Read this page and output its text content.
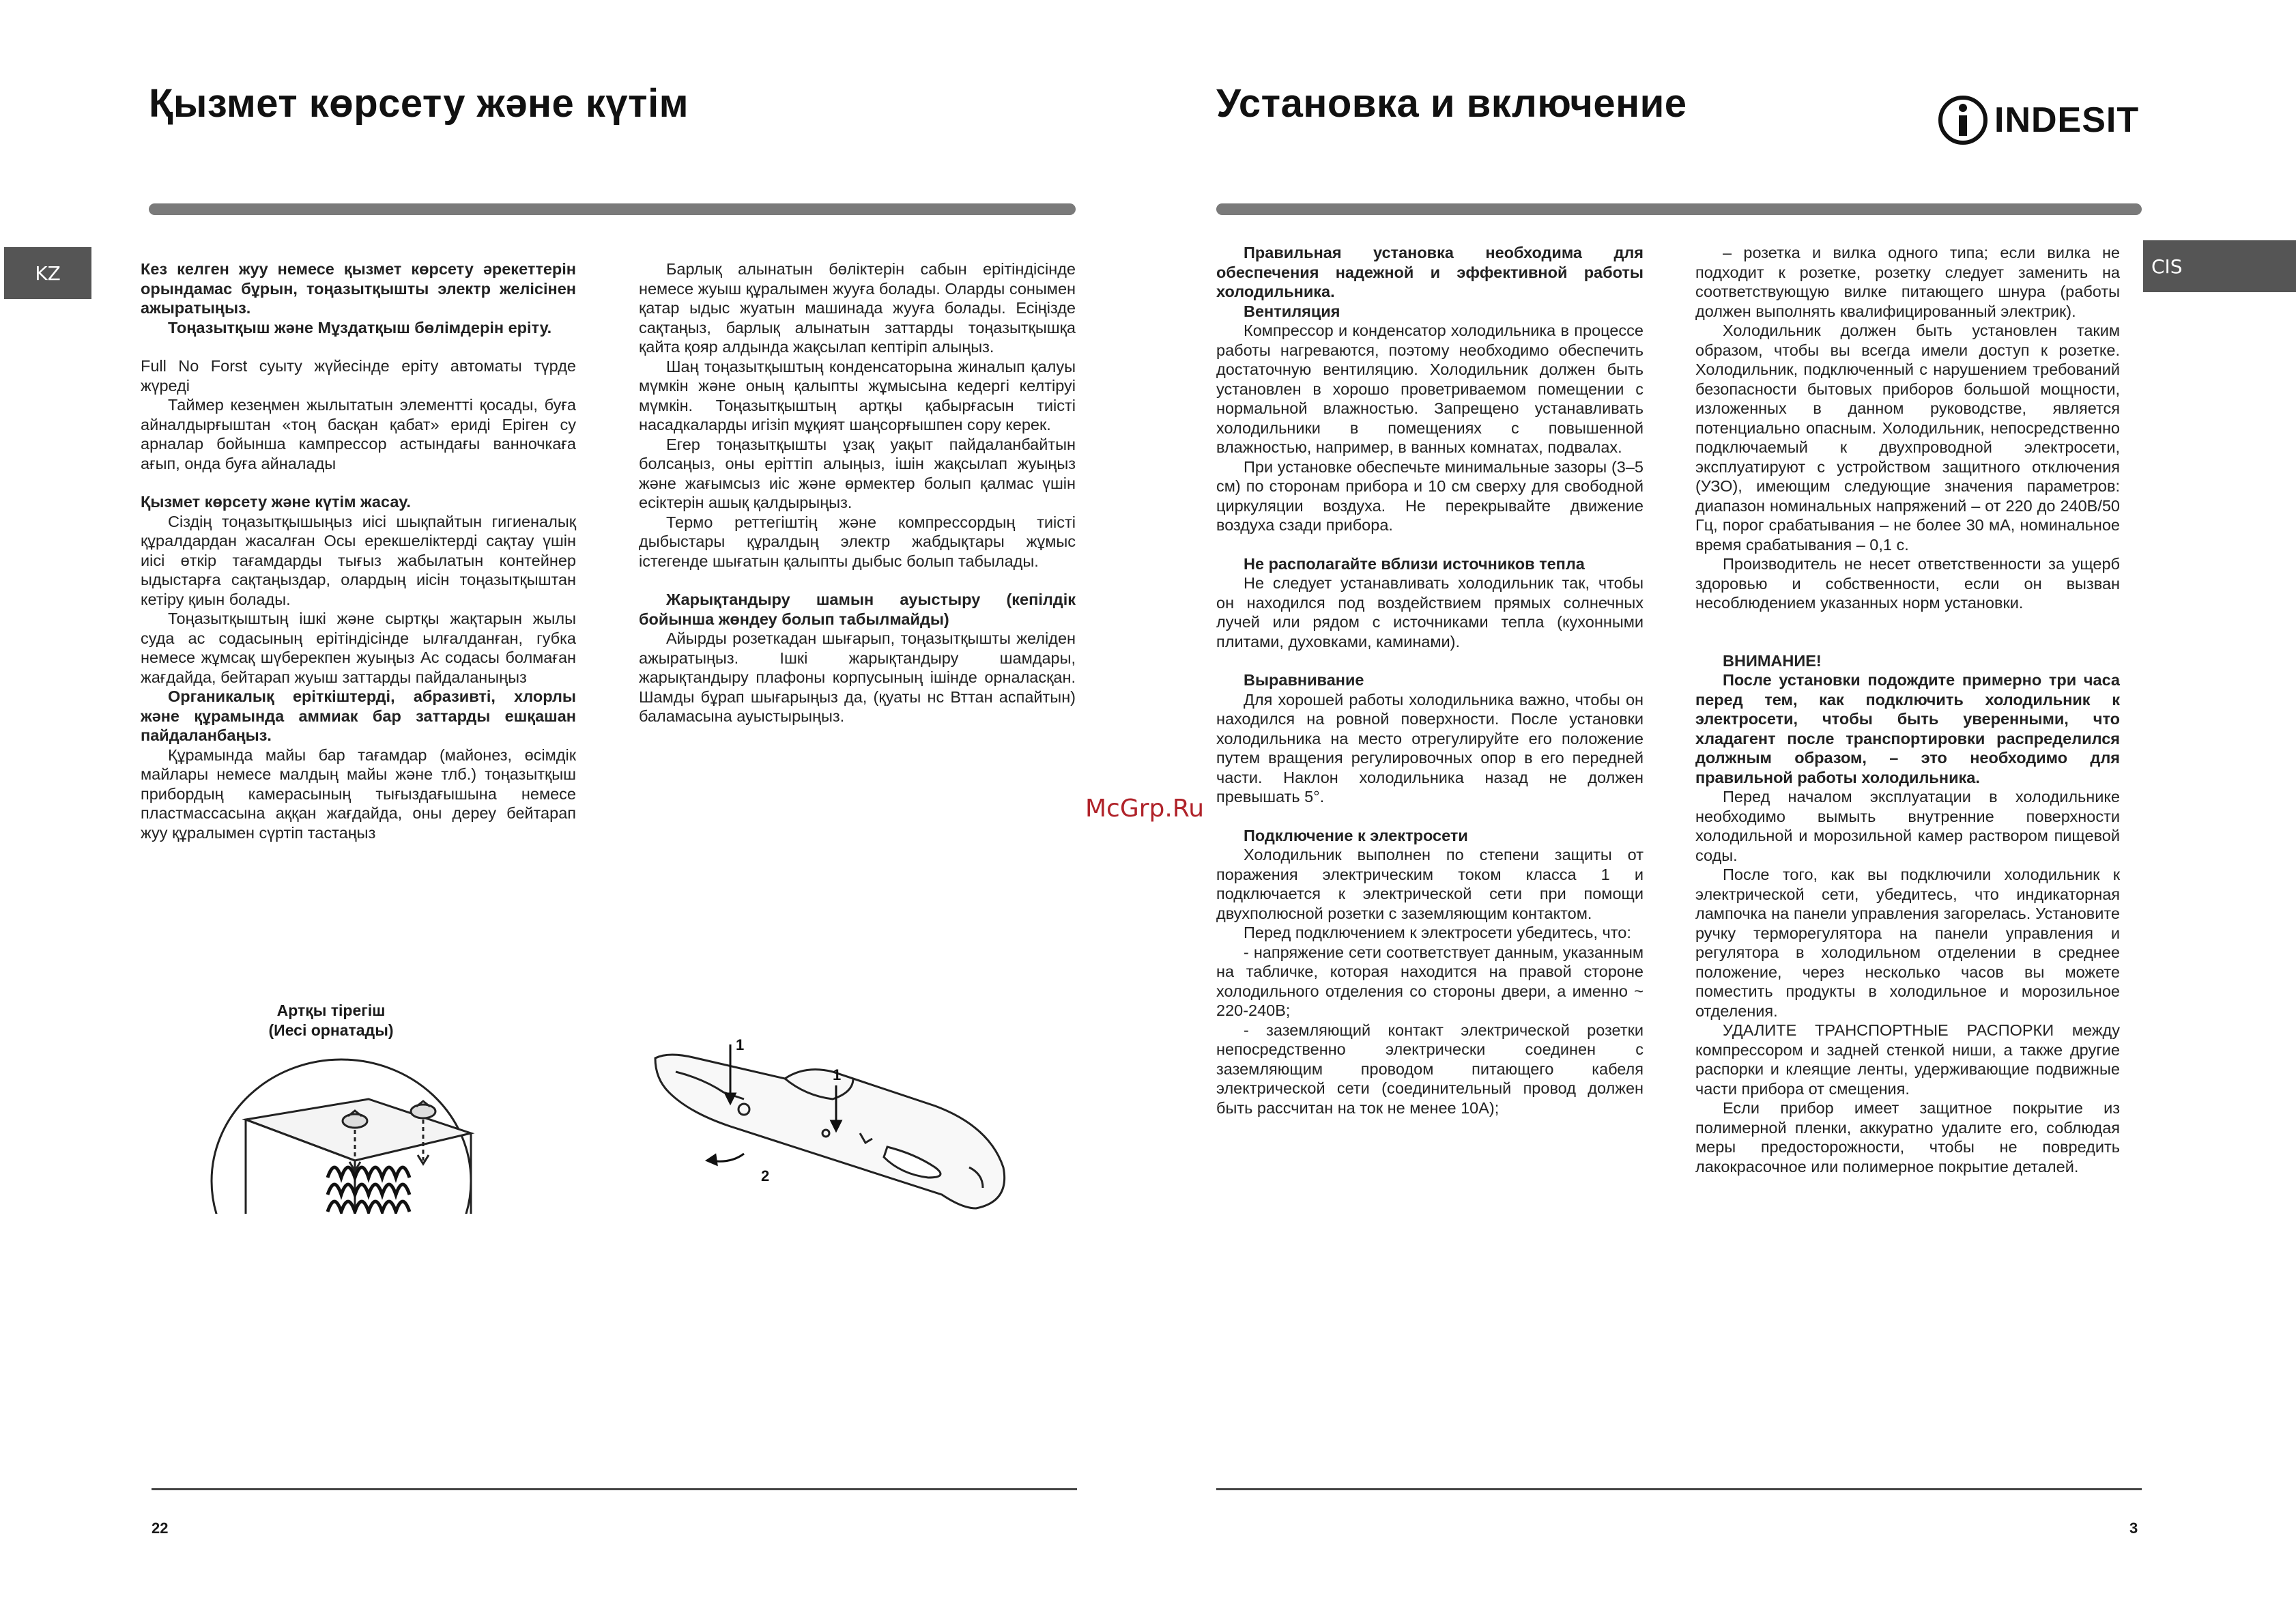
Қызмет көрсету және күтім
KZ	Кез келген жуу немесе қызмет көрсету әрекеттерін орындамас бұрын, тоңазытқышты электр желісінен ажыратыңыз.

Тоңазытқыш және Мұздатқыш бөлімдерін еріту.

Full No Forst суыту жүйесінде еріту автоматы түрде жүреді

Таймер кезеңмен жылытатын элементті қосады, буға айналдырғыштан «тоң басқан қабат» ериді Еріген су арналар бойынша кампрессор астындағы ванночкаға ағып, онда буға айналады

Қызмет көрсету және күтім жасау.

Сіздің тоңазытқышыңыз иісі шықпайтын гигиеналық құралдардан жасалған Осы ерекшеліктерді сақтау үшін иісі өткір тағамдарды тығыз жабылатын контейнер ыдыстарға сақтаңыздар, олардың иісін тоңазытқыштан кетіру қиын болады.

Тоңазытқыштың ішкі және сыртқы жақтарын жылы суда ас содасының ерітіндісінде ылғалданған, губка немесе жұмсақ шүберекпен жуыңыз Ас содасы болмаған жағдайда, бейтарап жуыш заттарды пайдаланыңыз

Органикалық еріткіштерді, абразивті, хлорлы және құрамында аммиак бар заттарды ешқашан пайдаланбаңыз.

Құрамында майы бар тағамдар (майонез, өсімдік майлары немесе малдың майы және тлб.) тоңазытқыш прибордың камерасының тығыздағышына немесе пластмассасына аққан жағдайда, оны дереу бейтарап жуу құралымен сүртіп тастаңыз

Барлық алынатын бөліктерін сабын ерітіндісінде немесе жуыш құралымен жууға болады. Оларды сонымен қатар ыдыс жуатын машинада жууға болады. Есіңізде сақтаңыз, барлық алынатын заттарды тоңазытқышқа қайта қояр алдында жақсылап кептіріп алыңыз.

Шаң тоңазытқыштың конденсаторына жиналып қалуы мүмкін және оның қалыпты жұмысына кедергі келтіруі мүмкін. Тоңазытқыштың артқы қабырғасын тиісті насадкаларды игізіп мұқият шаңсорғышпен сору керек.

Егер тоңазытқышты ұзақ уақыт пайдаланбайтын болсаңыз, оны еріттіп алыңыз, ішін жақсылап жуыңыз және жағымсыз иіс және өрмектер болып қалмас үшін есіктерін ашық қалдырыңыз.

Термо реттегіштің және компрессордың тиісті дыбыстары құралдың электр жабдықтары жұмыс істегенде шығатын қалыпты дыбыс болып табылады.

Жарықтандыру шамын ауыстыру (кепілдік бойынша жөндеу болып табылмайды)

Айырды розеткадан шығарып, тоңазытқышты желіден ажыратыңыз. Ішкі жарықтандыру шамдары, жарықтандыру плафоны корпусының ішінде орналасқан. Шамды бұрап шығарыңыз да, (қуаты нс Вттан аспайтын) баламасына ауыстырыңыз.

Артқы тірегіш
(Иесі орнатады)
1
1
2
22
McGrp.Ru
Установка и включение	INDESIT
CIS

Правильная установка необходима для обеспечения надежной и эффективной работы холодильника.

Вентиляция

Компрессор и конденсатор холодильника в процессе работы нагреваются, поэтому необходимо обеспечить достаточную вентиляцию. Холодильник должен быть установлен в хорошо проветриваемом помещении с нормальной влажностью. Запрещено устанавливать холодильники в помещениях с повышенной влажностью, например, в ванных комнатах, подвалах.

При установке обеспечьте минимальные зазоры (3–5 см) по сторонам прибора и 10 см сверху для свободной циркуляции воздуха. Не перекрывайте движение воздуха сзади прибора.

Не располагайте вблизи источников тепла

Не следует устанавливать холодильник так, чтобы он находился под воздействием прямых солнечных лучей или рядом с источниками тепла (кухонными плитами, духовками, каминами).

Выравнивание

Для хорошей работы холодильника важно, чтобы он находился на ровной поверхности. После установки холодильника на место отрегулируйте его положение путем вращения регулировочных опор в его передней части. Наклон холодильника назад не должен превышать 5°.

Подключение к электросети

Холодильник выполнен по степени защиты от поражения электрическим током класса 1 и подключается к электрической сети при помощи двухполюсной розетки с заземляющим контактом.

Перед подключением к электросети убедитесь, что:

- напряжение сети соответствует данным, указанным на табличке, которая находится на правой стороне холодильного отделения со стороны двери, а именно ~ 220-240В;

- заземляющий контакт электрической розетки непосредственно электрически соединен с заземляющим проводом питающего кабеля электрической сети (соединительный провод должен быть рассчитан на ток не менее 10А);

– розетка и вилка одного типа; если вилка не подходит к розетке, розетку следует заменить на соответствующую вилке питающего шнура (работы должен выполнять квалифицированный электрик).

Холодильник должен быть установлен таким образом, чтобы вы всегда имели доступ к розетке. Холодильник, подключенный с нарушением требований безопасности бытовых приборов большой мощности, изложенных в данном руководстве, является потенциально опасным. Холодильник, непосредственно подключаемый к двухпроводной электросети, эксплуатируют с устройством защитного отключения (УЗО), имеющим следующие значения параметров: диапазон номинальных напряжений – от 220 до 240В/50 Гц, порог срабатывания – не более 30 мА, номинальное время срабатывания – 0,1 с.

Производитель не несет ответственности за ущерб здоровью и собственности, если он вызван несоблюдением указанных норм установки.

ВНИМАНИЕ!

После установки подождите примерно три часа перед тем, как подключить холодильник к электросети, чтобы быть уверенными, что хладагент после транспортировки распределился должным образом, – это необходимо для правильной работы холодильника.

Перед началом эксплуатации в холодильнике необходимо вымыть внутренние поверхности холодильной и морозильной камер раствором пищевой соды.

После того, как вы подключили холодильник к электрической сети, убедитесь, что индикаторная лампочка на панели управления загорелась. Установите ручку терморегулятора на панели управления и регулятора в холодильном отделении в среднее положение, через несколько часов вы можете поместить продукты в холодильное и морозильное отделения.

УДАЛИТЕ ТРАНСПОРТНЫЕ РАСПОРКИ между компрессором и задней стенкой ниши, а также другие распорки и клеящие ленты, удерживающие подвижные части прибора от смещения.

Если прибор имеет защитное покрытие из полимерной пленки, аккуратно удалите его, соблюдая меры предосторожности, чтобы не повредить лакокрасочное или полимерное покрытие деталей.

3
